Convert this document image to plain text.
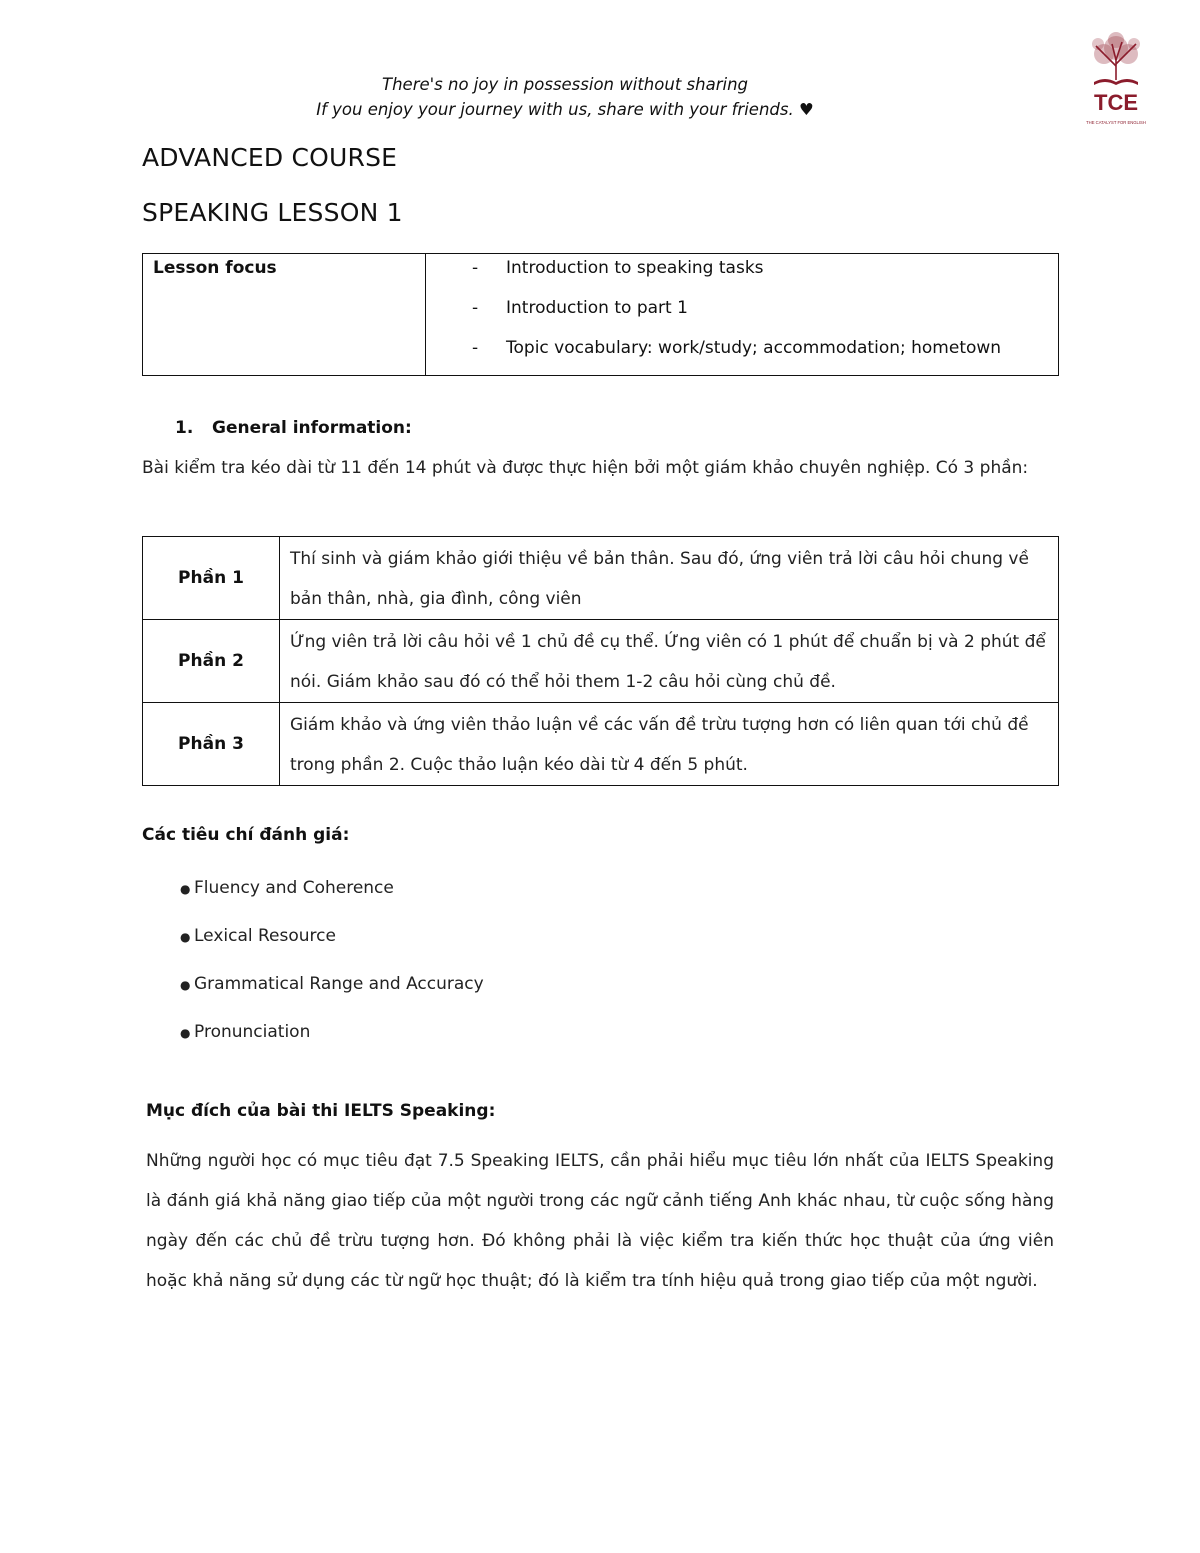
There's no joy in possession without sharing
If you enjoy your journey with us, share with your friends. ♥	TCE
THE CATALYST FOR ENGLISH
ADVANCED COURSE
SPEAKING LESSON 1
Lesson focus	- Introduction to speaking tasks
- Introduction to part 1
- Topic vocabulary: work/study; accommodation; hometown
1. General information:
Bài kiểm tra kéo dài từ 11 đến 14 phút và được thực hiện bởi một giám khảo chuyên nghiệp. Có 3 phần:
Phần 1	Thí sinh và giám khảo giới thiệu về bản thân. Sau đó, ứng viên trả lời câu hỏi chung về bản thân, nhà, gia đình, công viên
Phần 2	Ứng viên trả lời câu hỏi về 1 chủ đề cụ thể. Ứng viên có 1 phút để chuẩn bị và 2 phút để nói. Giám khảo sau đó có thể hỏi them 1-2 câu hỏi cùng chủ đề.
Phần 3	Giám khảo và ứng viên thảo luận về các vấn đề trừu tượng hơn có liên quan tới chủ đề trong phần 2. Cuộc thảo luận kéo dài từ 4 đến 5 phút.
Các tiêu chí đánh giá:
● Fluency and Coherence
● Lexical Resource
● Grammatical Range and Accuracy
● Pronunciation
Mục đích của bài thi IELTS Speaking:
Những người học có mục tiêu đạt 7.5 Speaking IELTS, cần phải hiểu mục tiêu lớn nhất của IELTS Speaking là đánh giá khả năng giao tiếp của một người trong các ngữ cảnh tiếng Anh khác nhau, từ cuộc sống hàng ngày đến các chủ đề trừu tượng hơn. Đó không phải là việc kiểm tra kiến thức học thuật của ứng viên hoặc khả năng sử dụng các từ ngữ học thuật; đó là kiểm tra tính hiệu quả trong giao tiếp của một người.
